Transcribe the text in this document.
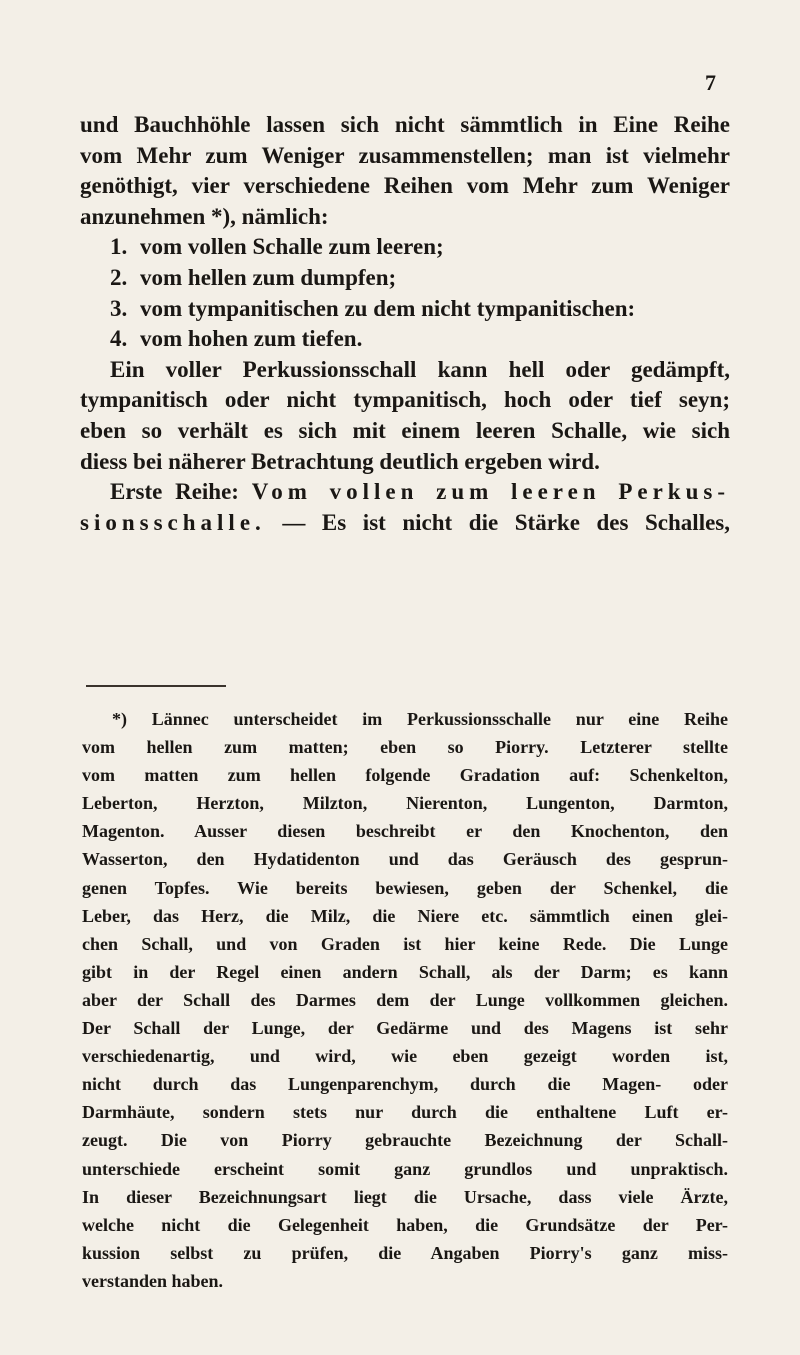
7
und Bauchhöhle lassen sich nicht sämmtlich in Eine Reihe
vom Mehr zum Weniger zusammenstellen; man ist vielmehr
genöthigt, vier verschiedene Reihen vom Mehr zum Weniger
anzunehmen *), nämlich:
1. vom vollen Schalle zum leeren;
2. vom hellen zum dumpfen;
3. vom tympanitischen zu dem nicht tympanitischen:
4. vom hohen zum tiefen.
Ein voller Perkussionsschall kann hell oder gedämpft,
tympanitisch oder nicht tympanitisch, hoch oder tief seyn;
eben so verhält es sich mit einem leeren Schalle, wie sich
diess bei näherer Betrachtung deutlich ergeben wird.
Erste Reihe: Vom vollen zum leeren Perkus-
sionsschalle. — Es ist nicht die Stärke des Schalles,
*) Lännec unterscheidet im Perkussionsschalle nur eine Reihe
vom hellen zum matten; eben so Piorry. Letzterer stellte
vom matten zum hellen folgende Gradation auf: Schenkelton,
Leberton, Herzton, Milzton, Nierenton, Lungenton, Darmton,
Magenton. Ausser diesen beschreibt er den Knochenton, den
Wasserton, den Hydatidenton und das Geräusch des gesprun-
genen Topfes. Wie bereits bewiesen, geben der Schenkel, die
Leber, das Herz, die Milz, die Niere etc. sämmtlich einen glei-
chen Schall, und von Graden ist hier keine Rede. Die Lunge
gibt in der Regel einen andern Schall, als der Darm; es kann
aber der Schall des Darmes dem der Lunge vollkommen gleichen.
Der Schall der Lunge, der Gedärme und des Magens ist sehr
verschiedenartig, und wird, wie eben gezeigt worden ist,
nicht durch das Lungenparenchym, durch die Magen- oder
Darmhäute, sondern stets nur durch die enthaltene Luft er-
zeugt. Die von Piorry gebrauchte Bezeichnung der Schall-
unterschiede erscheint somit ganz grundlos und unpraktisch.
In dieser Bezeichnungsart liegt die Ursache, dass viele Ärzte,
welche nicht die Gelegenheit haben, die Grundsätze der Per-
kussion selbst zu prüfen, die Angaben Piorry's ganz miss-
verstanden haben.
